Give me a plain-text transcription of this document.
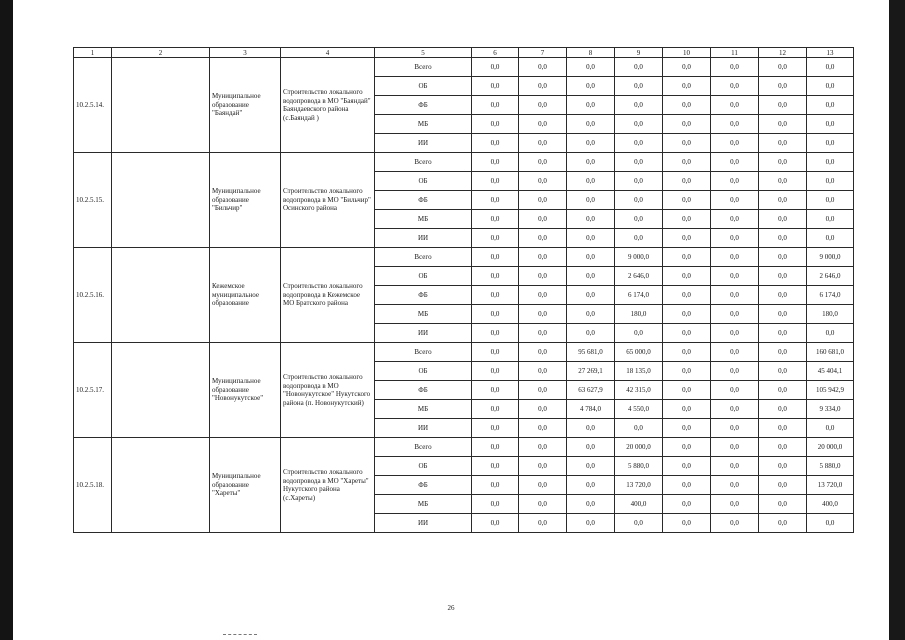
1	2	3	4	5	6	7	8	9	10	11	12	13
10.2.5.14.		Муниципальное образование "Баяндай"	Строительство локального водопровода в МО "Баяндай" Баяндаевского района (с.Баяндай )	Всего	0,0	0,0	0,0	0,0	0,0	0,0	0,0	0,0
				ОБ	0,0	0,0	0,0	0,0	0,0	0,0	0,0	0,0
				ФБ	0,0	0,0	0,0	0,0	0,0	0,0	0,0	0,0
				МБ	0,0	0,0	0,0	0,0	0,0	0,0	0,0	0,0
				ИИ	0,0	0,0	0,0	0,0	0,0	0,0	0,0	0,0
10.2.5.15.		Муниципальное образование "Бильчир"	Строительство локального водопровода в МО "Бильчир" Осинского района	Всего	0,0	0,0	0,0	0,0	0,0	0,0	0,0	0,0
				ОБ	0,0	0,0	0,0	0,0	0,0	0,0	0,0	0,0
				ФБ	0,0	0,0	0,0	0,0	0,0	0,0	0,0	0,0
				МБ	0,0	0,0	0,0	0,0	0,0	0,0	0,0	0,0
				ИИ	0,0	0,0	0,0	0,0	0,0	0,0	0,0	0,0
10.2.5.16.		Кежемское муниципальное образование	Строительство локального водопровода в Кежемское МО Братского района	Всего	0,0	0,0	0,0	9 000,0	0,0	0,0	0,0	9 000,0
				ОБ	0,0	0,0	0,0	2 646,0	0,0	0,0	0,0	2 646,0
				ФБ	0,0	0,0	0,0	6 174,0	0,0	0,0	0,0	6 174,0
				МБ	0,0	0,0	0,0	180,0	0,0	0,0	0,0	180,0
				ИИ	0,0	0,0	0,0	0,0	0,0	0,0	0,0	0,0
10.2.5.17.		Муниципальное образование "Новонукутское"	Строительство локального водопровода в МО "Новонукутское" Нукутского района (п. Новонукутский)	Всего	0,0	0,0	95 681,0	65 000,0	0,0	0,0	0,0	160 681,0
				ОБ	0,0	0,0	27 269,1	18 135,0	0,0	0,0	0,0	45 404,1
				ФБ	0,0	0,0	63 627,9	42 315,0	0,0	0,0	0,0	105 942,9
				МБ	0,0	0,0	4 784,0	4 550,0	0,0	0,0	0,0	9 334,0
				ИИ	0,0	0,0	0,0	0,0	0,0	0,0	0,0	0,0
10.2.5.18.		Муниципальное образование "Хареты"	Строительство локального водопровода в МО "Хареты" Нукутского района (с.Хареты)	Всего	0,0	0,0	0,0	20 000,0	0,0	0,0	0,0	20 000,0
				ОБ	0,0	0,0	0,0	5 880,0	0,0	0,0	0,0	5 880,0
				ФБ	0,0	0,0	0,0	13 720,0	0,0	0,0	0,0	13 720,0
				МБ	0,0	0,0	0,0	400,0	0,0	0,0	0,0	400,0
				ИИ	0,0	0,0	0,0	0,0	0,0	0,0	0,0	0,0
26
